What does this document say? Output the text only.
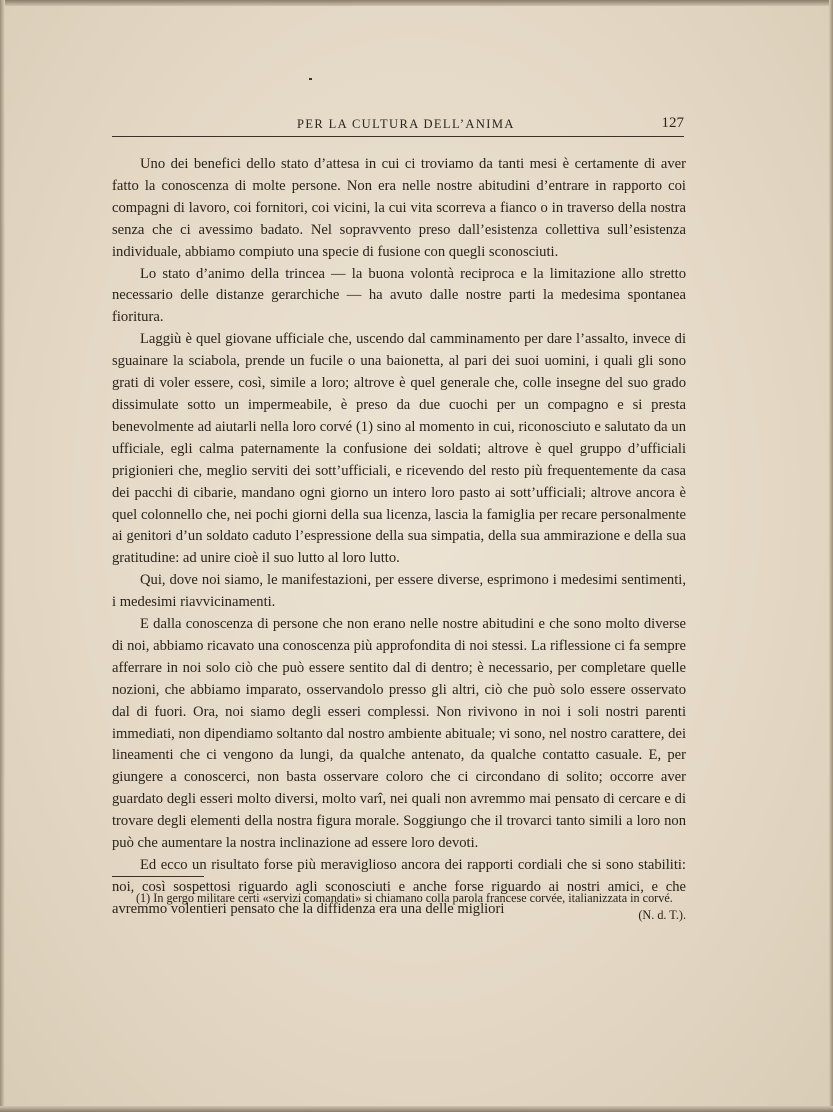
PER LA CULTURA DELL’ANIMA	127

Uno dei benefici dello stato d’attesa in cui ci troviamo da tanti mesi è certamente di aver fatto la conoscenza di molte persone. Non era nelle nostre abitudini d’entrare in rapporto coi compagni di lavoro, coi fornitori, coi vicini, la cui vita scorreva a fianco o in traverso della nostra senza che ci avessimo badato. Nel sopravvento preso dall’esistenza collettiva sull’esistenza individuale, abbiamo compiuto una specie di fusione con quegli sconosciuti.

Lo stato d’animo della trincea — la buona volontà reciproca e la limitazione allo stretto necessario delle distanze gerarchiche — ha avuto dalle nostre parti la medesima spontanea fioritura.

Laggiù è quel giovane ufficiale che, uscendo dal camminamento per dare l’assalto, invece di sguainare la sciabola, prende un fucile o una baionetta, al pari dei suoi uomini, i quali gli sono grati di voler essere, così, simile a loro; altrove è quel generale che, colle insegne del suo grado dissimulate sotto un impermeabile, è preso da due cuochi per un compagno e si presta benevolmente ad aiutarli nella loro corvé (1) sino al momento in cui, riconosciuto e salutato da un ufficiale, egli calma paternamente la confusione dei soldati; altrove è quel gruppo d’ufficiali prigionieri che, meglio serviti dei sott’ufficiali, e ricevendo del resto più frequentemente da casa dei pacchi di cibarie, mandano ogni giorno un intero loro pasto ai sott’ufficiali; altrove ancora è quel colonnello che, nei pochi giorni della sua licenza, lascia la famiglia per recare personalmente ai genitori d’un soldato caduto l’espressione della sua simpatia, della sua ammirazione e della sua gratitudine: ad unire cioè il suo lutto al loro lutto.

Qui, dove noi siamo, le manifestazioni, per essere diverse, esprimono i medesimi sentimenti, i medesimi riavvicinamenti.

E dalla conoscenza di persone che non erano nelle nostre abitudini e che sono molto diverse di noi, abbiamo ricavato una conoscenza più approfondita di noi stessi. La riflessione ci fa sempre afferrare in noi solo ciò che può essere sentito dal di dentro; è necessario, per completare quelle nozioni, che abbiamo imparato, osservandolo presso gli altri, ciò che può solo essere osservato dal di fuori. Ora, noi siamo degli esseri complessi. Non rivivono in noi i soli nostri parenti immediati, non dipendiamo soltanto dal nostro ambiente abituale; vi sono, nel nostro carattere, dei lineamenti che ci vengono da lungi, da qualche antenato, da qualche contatto casuale. E, per giungere a conoscerci, non basta osservare coloro che ci circondano di solito; occorre aver guardato degli esseri molto diversi, molto varî, nei quali non avremmo mai pensato di cercare e di trovare degli elementi della nostra figura morale. Soggiungo che il trovarci tanto simili a loro non può che aumentare la nostra inclinazione ad essere loro devoti.

Ed ecco un risultato forse più meraviglioso ancora dei rapporti cordiali che si sono stabiliti: noi, così sospettosi riguardo agli sconosciuti e anche forse riguardo ai nostri amici, e che avremmo volentieri pensato che la diffidenza era una delle migliori

(1) In gergo militare certi «servizi comandati» si chiamano colla parola francese corvée, italianizzata in corvé.
(N. d. T.).
